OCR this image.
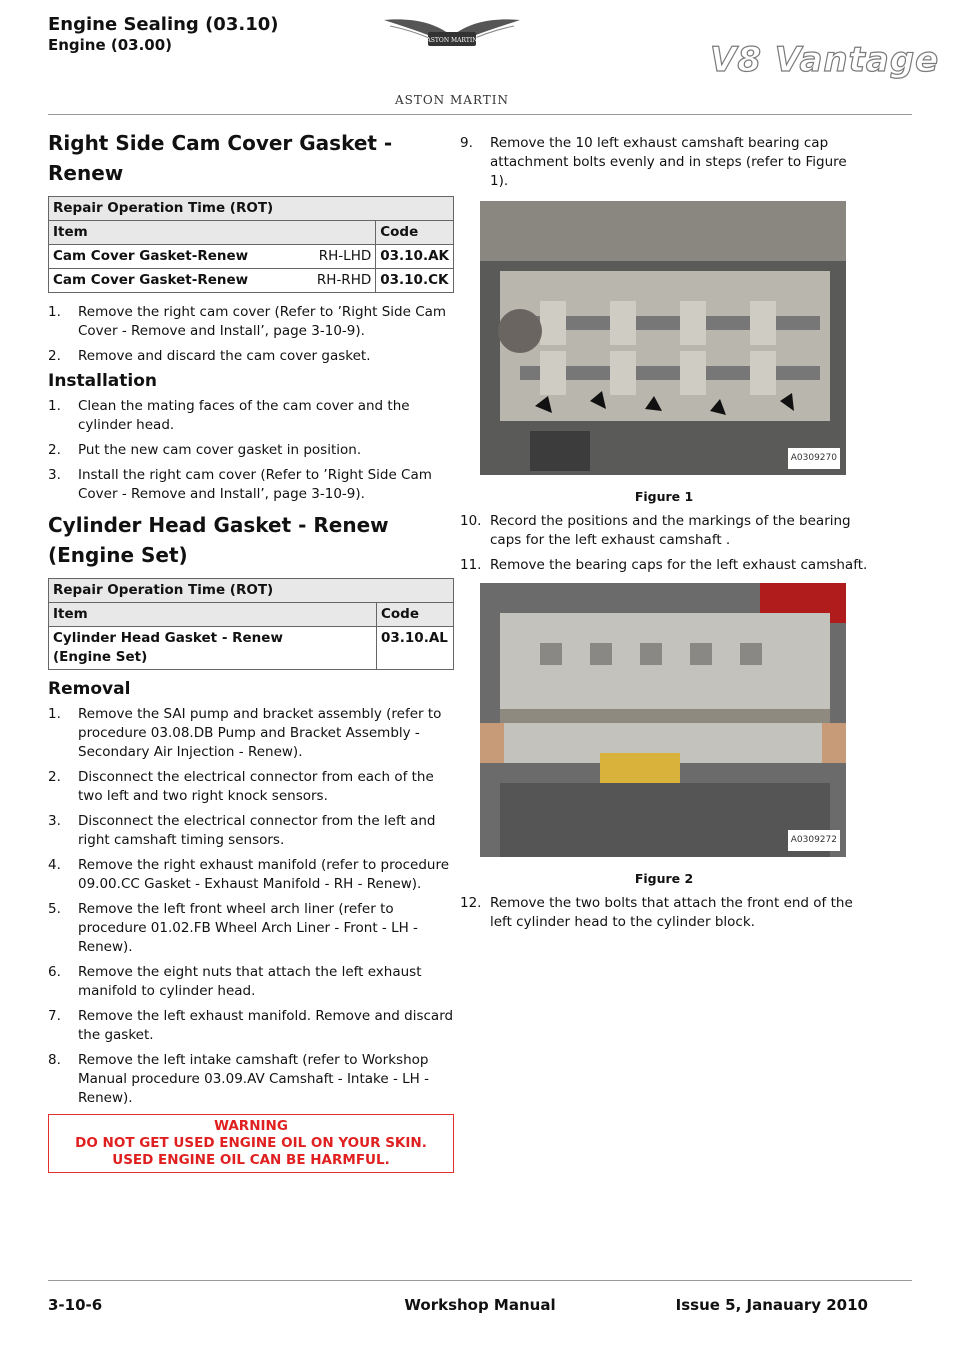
Engine Sealing (03.10)
Engine (03.00)	ASTON MARTIN
ASTON MARTIN
V8 Vantage
Right Side Cam Cover Gasket - Renew
Repair Operation Time (ROT)		
Item		Code
Cam Cover Gasket-Renew	RH-LHD	03.10.AK
Cam Cover Gasket-Renew	RH-RHD	03.10.CK
1. Remove the right cam cover (Refer to ’Right Side Cam Cover - Remove and Install’, page 3-10-9).
2. Remove and discard the cam cover gasket.
Installation
1. Clean the mating faces of the cam cover and the cylinder head.
2. Put the new cam cover gasket in position.
3. Install the right cam cover (Refer to ’Right Side Cam Cover - Remove and Install’, page 3-10-9).
Cylinder Head Gasket - Renew (Engine Set)
Repair Operation Time (ROT)	
Item	Code
Cylinder Head Gasket - Renew (Engine Set)	03.10.AL
Removal
1. Remove the SAI pump and bracket assembly (refer to procedure 03.08.DB Pump and Bracket Assembly - Secondary Air Injection - Renew).
2. Disconnect the electrical connector from each of the two left and two right knock sensors.
3. Disconnect the electrical connector from the left and right camshaft timing sensors.
4. Remove the right exhaust manifold (refer to procedure 09.00.CC Gasket - Exhaust Manifold - RH - Renew).
5. Remove the left front wheel arch liner (refer to procedure 01.02.FB Wheel Arch Liner - Front - LH - Renew).
6. Remove the eight nuts that attach the left exhaust manifold to cylinder head.
7. Remove the left exhaust manifold. Remove and discard the gasket.
8. Remove the left intake camshaft (refer to Workshop Manual procedure 03.09.AV Camshaft - Intake - LH - Renew).
WARNING
DO NOT GET USED ENGINE OIL ON YOUR SKIN.
USED ENGINE OIL CAN BE HARMFUL.
9. Remove the 10 left exhaust camshaft bearing cap attachment bolts evenly and in steps (refer to Figure 1).
A0309270
Figure 1
10. Record the positions and the markings of the bearing caps for the left exhaust camshaft .
11. Remove the bearing caps for the left exhaust camshaft.
A0309272
Figure 2
12. Remove the two bolts that attach the front end of the left cylinder head to the cylinder block.
3-10-6	Workshop Manual	Issue 5, Janauary 2010
